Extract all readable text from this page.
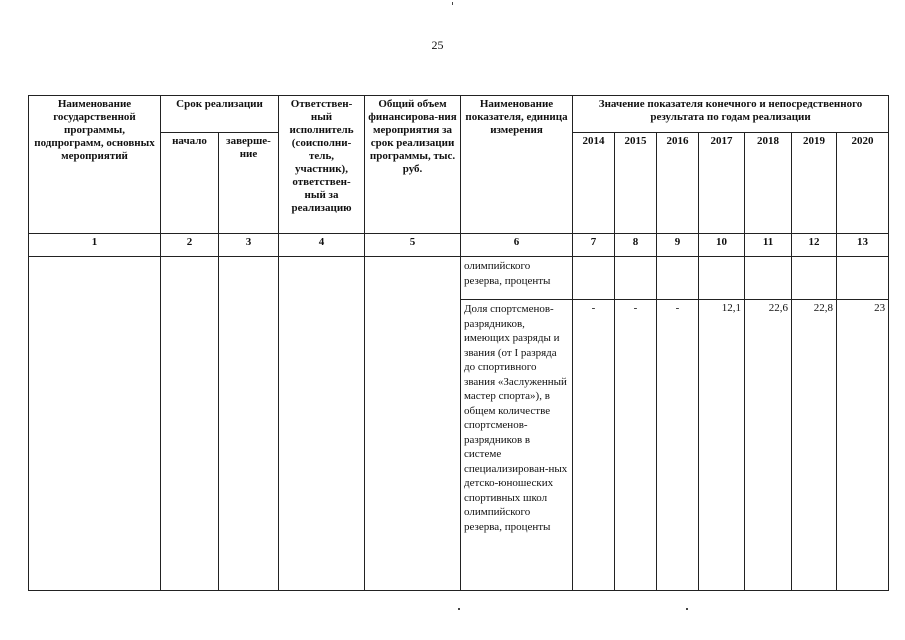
25
Наименование государственной программы, подпрограмм, основных мероприятий	Срок реализации		Ответствен-ный исполнитель (соисполни-тель, участник), ответствен-ный за реализацию	Общий объем финансирова-ния мероприятия за срок реализации программы, тыс. руб.	Наименование показателя, единица измерения	Значение показателя конечного и непосредственного результата по годам реализации						
	начало	заверше-ние				2014	2015	2016	2017	2018	2019	2020
1	2	3	4	5	6	7	8	9	10	11	12	13
					олимпийского резерва, проценты							
					Доля спортсменов-разрядников, имеющих разряды и звания (от I разряда до спортивного звания «Заслуженный мастер спорта»), в общем количестве спортсменов-разрядников в системе специализирован-ных детско-юношеских спортивных школ олимпийского резерва, проценты	-	-	-	12,1	22,6	22,8	23
